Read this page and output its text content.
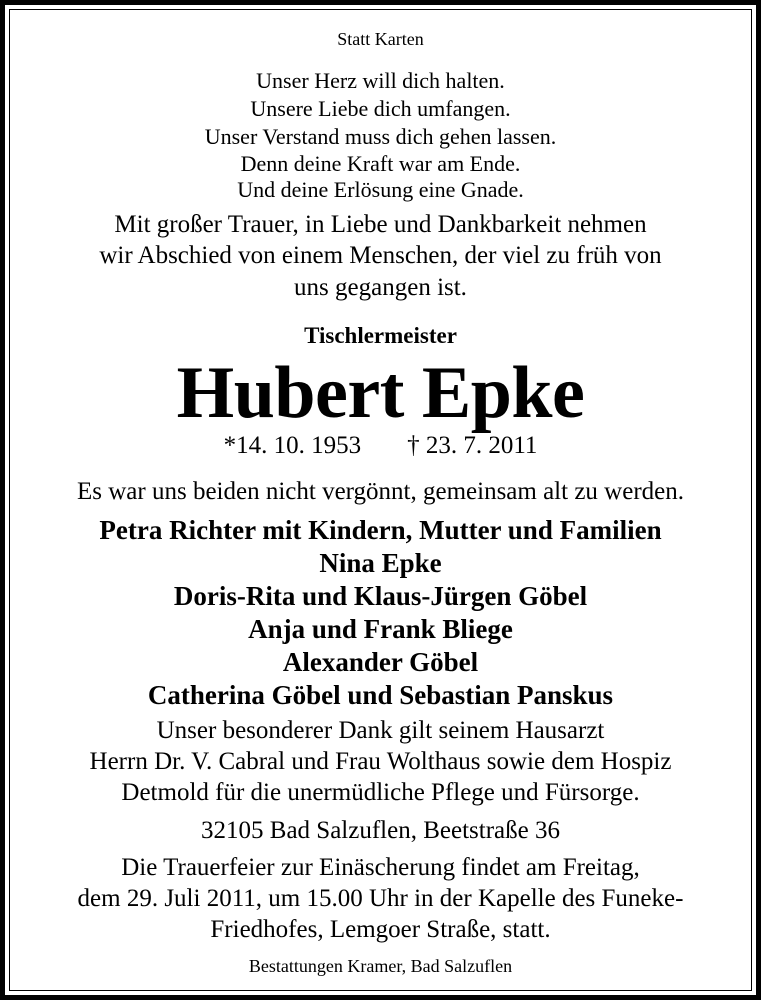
Statt Karten
Unser Herz will dich halten.
Unsere Liebe dich umfangen.
Unser Verstand muss dich gehen lassen.
Denn deine Kraft war am Ende.
Und deine Erlösung eine Gnade.
Mit großer Trauer, in Liebe und Dankbarkeit nehmen
wir Abschied von einem Menschen, der viel zu früh von
uns gegangen ist.
Tischlermeister
Hubert Epke
*14. 10. 1953 † 23. 7. 2011
Es war uns beiden nicht vergönnt, gemeinsam alt zu werden.
Petra Richter mit Kindern, Mutter und Familien
Nina Epke
Doris-Rita und Klaus-Jürgen Göbel
Anja und Frank Bliege
Alexander Göbel
Catherina Göbel und Sebastian Panskus
Unser besonderer Dank gilt seinem Hausarzt
Herrn Dr. V. Cabral und Frau Wolthaus sowie dem Hospiz
Detmold für die unermüdliche Pflege und Fürsorge.
32105 Bad Salzuflen, Beetstraße 36
Die Trauerfeier zur Einäscherung findet am Freitag,
dem 29. Juli 2011, um 15.00 Uhr in der Kapelle des Funeke-
Friedhofes, Lemgoer Straße, statt.
Bestattungen Kramer, Bad Salzuflen
